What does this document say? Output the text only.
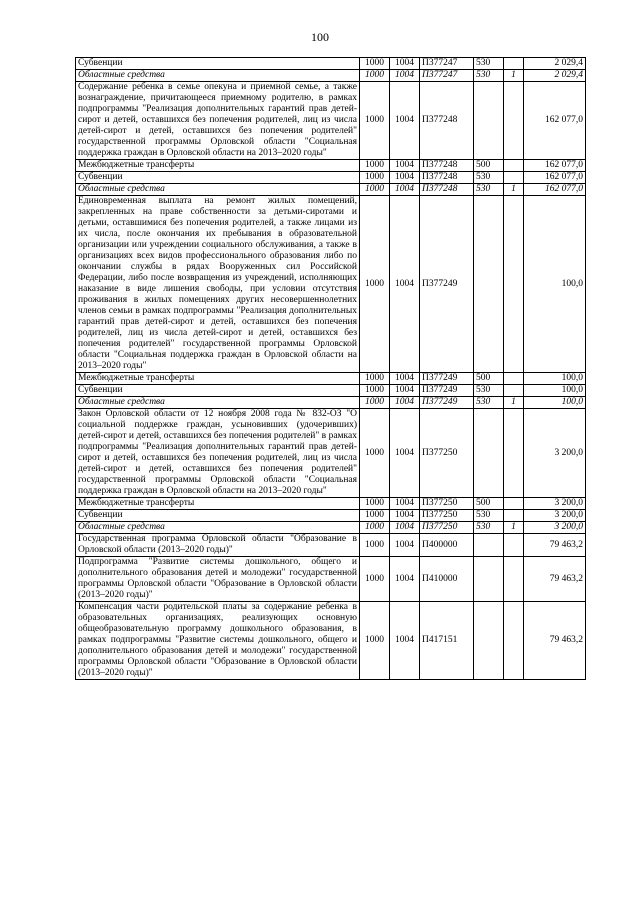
100
Субвенции	1000	1004	П377247	530		2 029,4
Областные средства	1000	1004	П377247	530	1	2 029,4
Содержание ребенка в семье опекуна и приемной семье, а также вознаграждение, причитающееся приемному родителю, в рамках подпрограммы "Реализация дополнительных гарантий прав детей-сирот и детей, оставшихся без попечения родителей, лиц из числа детей-сирот и детей, оставшихся без попечения родителей" государственной программы Орловской области "Социальная поддержка граждан в Орловской области на 2013–2020 годы"	1000	1004	П377248			162 077,0
Межбюджетные трансферты	1000	1004	П377248	500		162 077,0
Субвенции	1000	1004	П377248	530		162 077,0
Областные средства	1000	1004	П377248	530	1	162 077,0
Единовременная выплата на ремонт жилых помещений, закрепленных на праве собственности за детьми-сиротами и детьми, оставшимися без попечения родителей, а также лицами из их числа, после окончания их пребывания в образовательной организации или учреждении социального обслуживания, а также в организациях всех видов профессионального образования либо по окончании службы в рядах Вооруженных сил Российской Федерации, либо после возвращения из учреждений, исполняющих наказание в виде лишения свободы, при условии отсутствия проживания в жилых помещениях других несовершеннолетних членов семьи в рамках подпрограммы "Реализация дополнительных гарантий прав детей-сирот и детей, оставшихся без попечения родителей, лиц из числа детей-сирот и детей, оставшихся без попечения родителей" государственной программы Орловской области "Социальная поддержка граждан в Орловской области на 2013–2020 годы"	1000	1004	П377249			100,0
Межбюджетные трансферты	1000	1004	П377249	500		100,0
Субвенции	1000	1004	П377249	530		100,0
Областные средства	1000	1004	П377249	530	1	100,0
Закон Орловской области от 12 ноября 2008 года № 832-ОЗ "О социальной поддержке граждан, усыновивших (удочеривших) детей-сирот и детей, оставшихся без попечения родителей" в рамках подпрограммы "Реализация дополнительных гарантий прав детей-сирот и детей, оставшихся без попечения родителей, лиц из числа детей-сирот и детей, оставшихся без попечения родителей" государственной программы Орловской области "Социальная поддержка граждан в Орловской области на 2013–2020 годы"	1000	1004	П377250			3 200,0
Межбюджетные трансферты	1000	1004	П377250	500		3 200,0
Субвенции	1000	1004	П377250	530		3 200,0
Областные средства	1000	1004	П377250	530	1	3 200,0
Государственная программа Орловской области "Образование в Орловской области (2013–2020 годы)"	1000	1004	П400000			79 463,2
Подпрограмма "Развитие системы дошкольного, общего и дополнительного образования детей и молодежи" государственной программы Орловской области "Образование в Орловской области (2013–2020 годы)"	1000	1004	П410000			79 463,2
Компенсация части родительской платы за содержание ребенка в образовательных организациях, реализующих основную общеобразовательную программу дошкольного образования, в рамках подпрограммы "Развитие системы дошкольного, общего и дополнительного образования детей и молодежи" государственной программы Орловской области "Образование в Орловской области (2013–2020 годы)"	1000	1004	П417151			79 463,2
